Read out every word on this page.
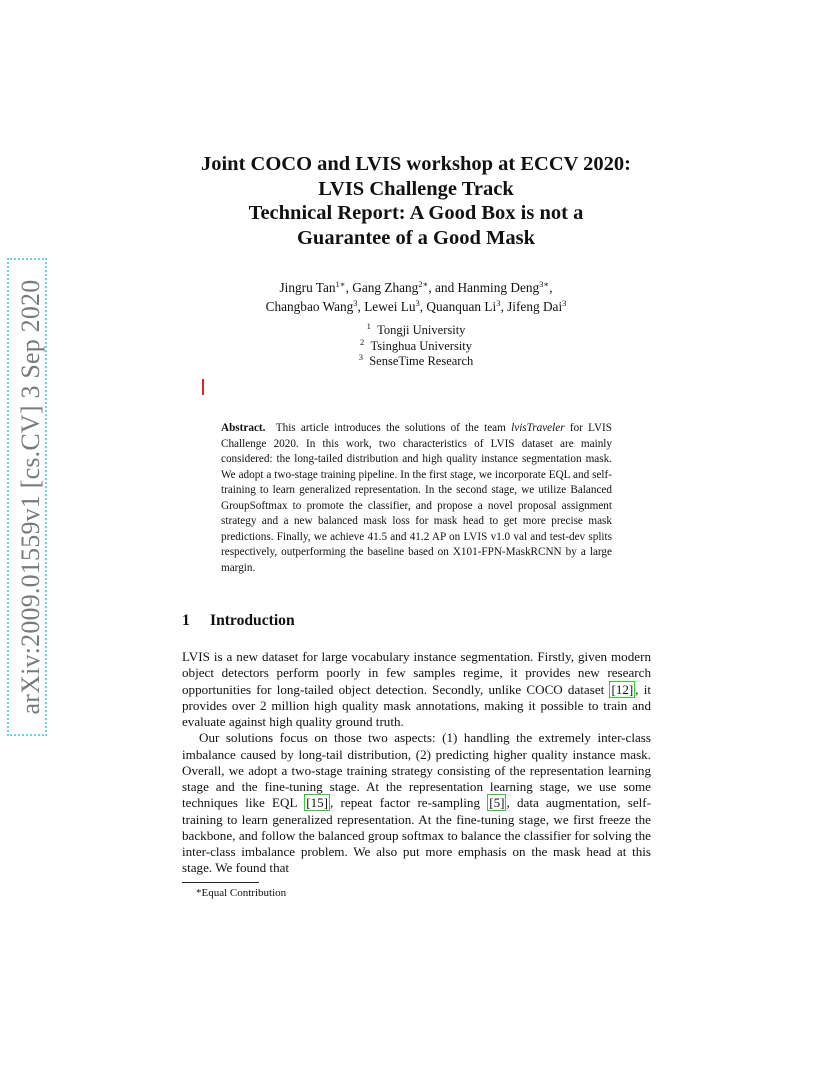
arXiv:2009.01559v1 [cs.CV] 3 Sep 2020
Joint COCO and LVIS workshop at ECCV 2020:
LVIS Challenge Track
Technical Report: A Good Box is not a
Guarantee of a Good Mask
Jingru Tan$^{1∗}$, Gang Zhang$^{2∗}$, and Hanming Deng$^{3∗}$,
Changbao Wang$^3$, Lewei Lu$^3$, Quanquan Li$^3$, Jifeng Dai$^3$
$^1$ Tongji University
$^2$ Tsinghua University
$^3$ SenseTime Research
Abstract. This article introduces the solutions of the team lvisTraveler for LVIS Challenge 2020. In this work, two characteristics of LVIS dataset are mainly considered: the long-tailed distribution and high quality instance segmentation mask. We adopt a two-stage training pipeline. In the first stage, we incorporate EQL and self-training to learn generalized representation. In the second stage, we utilize Balanced GroupSoftmax to promote the classifier, and propose a novel proposal assignment strategy and a new balanced mask loss for mask head to get more precise mask predictions. Finally, we achieve 41.5 and 41.2 AP on LVIS v1.0 val and test-dev splits respectively, outperforming the baseline based on X101-FPN-MaskRCNN by a large margin.
1 Introduction

LVIS is a new dataset for large vocabulary instance segmentation. Firstly, given modern object detectors perform poorly in few samples regime, it provides new research opportunities for long-tailed object detection. Secondly, unlike COCO dataset [12] , it provides over 2 million high quality mask annotations, making it possible to train and evaluate against high quality ground truth.

Our solutions focus on those two aspects: (1) handling the extremely inter-class imbalance caused by long-tail distribution, (2) predicting higher quality instance mask. Overall, we adopt a two-stage training strategy consisting of the representation learning stage and the fine-tuning stage. At the representation learning stage, we use some techniques like EQL [15] , repeat factor re-sampling [5] , data augmentation, self-training to learn generalized representation. At the fine-tuning stage, we first freeze the backbone, and follow the balanced group softmax to balance the classifier for solving the inter-class imbalance problem. We also put more emphasis on the mask head at this stage. We found that

*Equal Contribution
